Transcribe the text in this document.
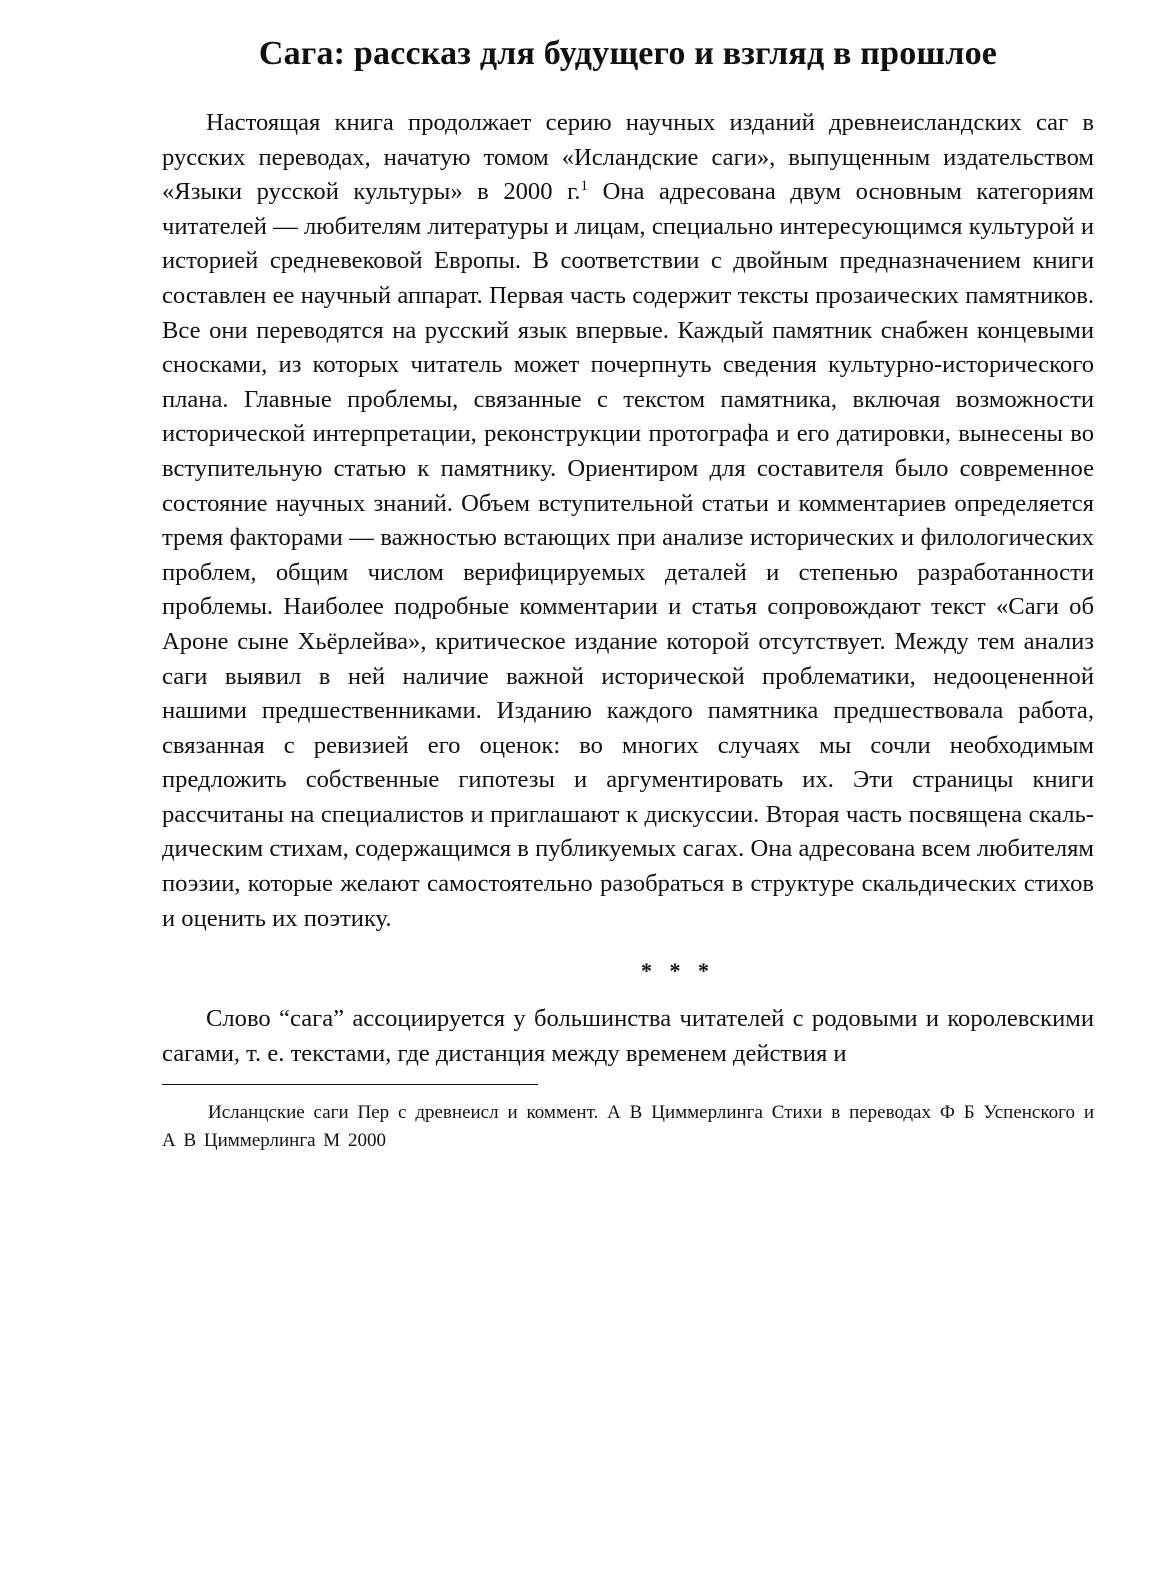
Сага: рассказ для будущего и взгляд в прошлое

Настоящая книга продолжает серию научных изданий древнеисландских саг в русских переводах, начатую томом «Исландские саги», выпущенным издательством «Языки русской культуры» в 2000 г.$^1$ Она адресована двум основным категориям читателей — любителям литературы и лицам, специально интересующимся культурой и историей средневековой Европы. В соответствии с двойным предназначением книги составлен ее научный аппарат. Первая часть содержит тексты прозаических памятников. Все они переводятся на русский язык впервые. Каждый памятник снабжен концевыми сносками, из которых читатель может почерпнуть сведения культурно-исторического плана. Главные проблемы, связанные с текстом памятника, включая возможности исторической интерпретации, реконструкции протографа и его датировки, вынесены во вступительную статью к памятнику. Ориентиром для составителя было современное состояние научных знаний. Объем вступительной статьи и комментариев определяется тремя факторами — важностью встающих при анализе исторических и филологических проблем, общим числом верифицируемых деталей и степенью разработанности проблемы. Наиболее подробные комментарии и статья сопровождают текст «Саги об Ароне сыне Хьёрлейва», критическое издание которой отсутствует. Между тем анализ саги выявил в ней наличие важной исторической проблематики, недооцененной нашими предшественниками. Изданию каждого памятника предшествовала работа, связанная с ревизией его оценок: во многих случаях мы сочли необходимым предложить собственные гипотезы и аргументировать их. Эти страницы книги рассчитаны на специалистов и приглашают к дискуссии. Вторая часть посвящена скальдическим стихам, содержащимся в публикуемых сагах. Она адресована всем любителям поэзии, которые желают самостоятельно разобраться в структуре скальдических стихов и оценить их поэтику.

* * *

Слово “сага” ассоциируется у большинства читателей с родовыми и королевскими сагами, т. е. текстами, где дистанция между временем действия и

Исланцские саги Пер с древнеисл и коммент. А В Циммерлинга Стихи в переводах Ф Б Успенского и А В Циммерлинга М 2000
